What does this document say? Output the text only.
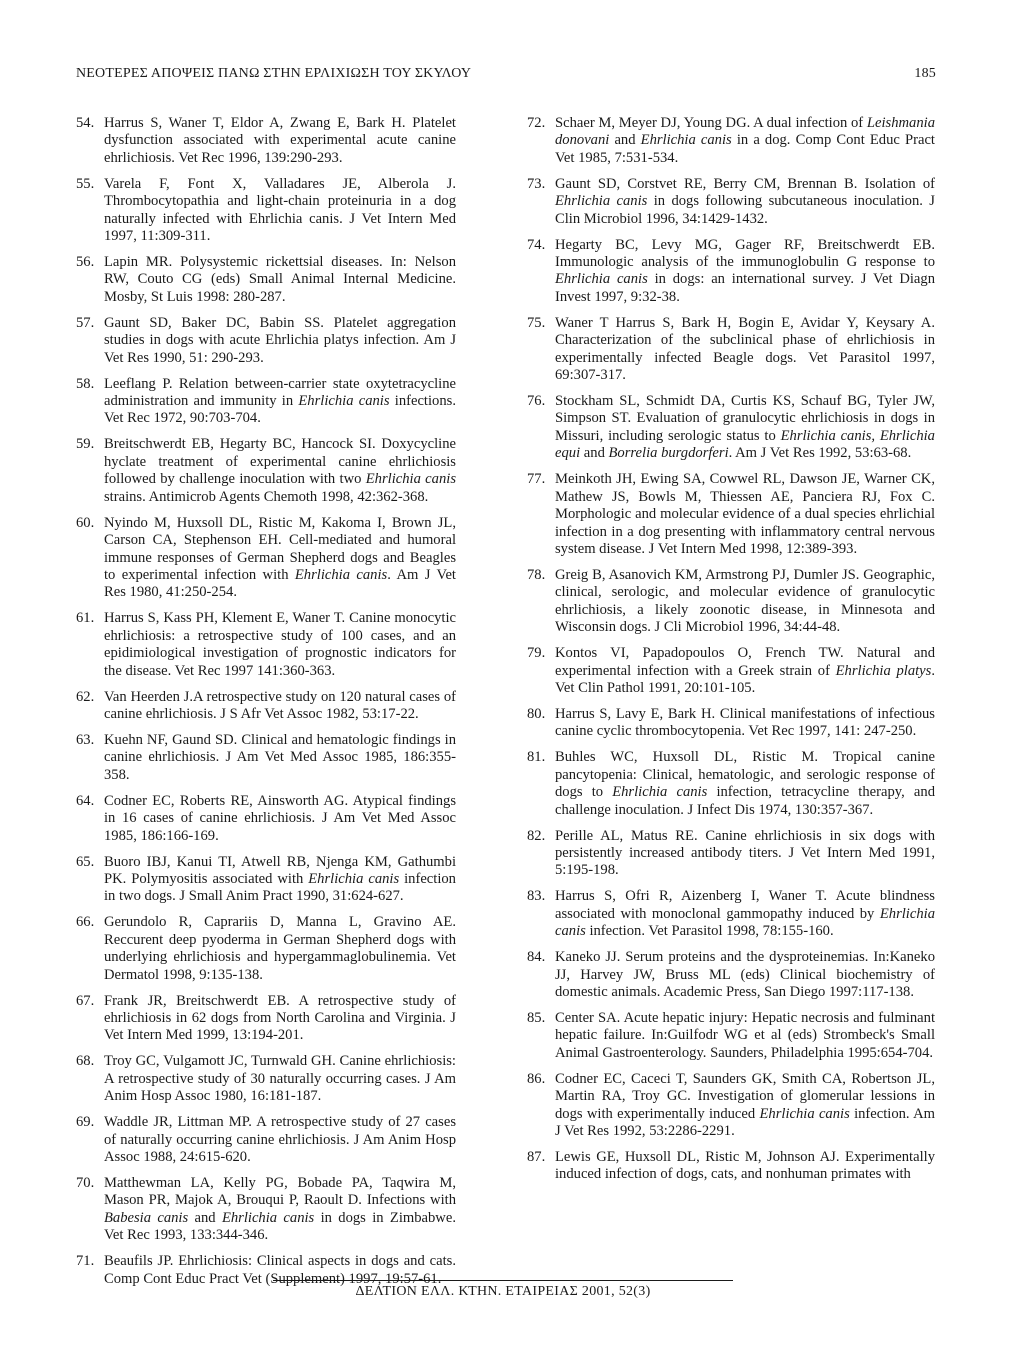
ΝΕΟΤΕΡΕΣ ΑΠΟΨΕΙΣ ΠΑΝΩ ΣΤΗΝ ΕΡΛΙΧΙΩΣΗ ΤΟΥ ΣΚΥΛΟΥ	185
54. Harrus S, Waner T, Eldor A, Zwang E, Bark H. Platelet dysfunction associated with experimental acute canine ehrlichiosis. Vet Rec 1996, 139:290-293.
55. Varela F, Font X, Valladares JE, Alberola J. Thrombocytopathia and light-chain proteinuria in a dog naturally infected with Ehrlichia canis. J Vet Intern Med 1997, 11:309-311.
56. Lapin MR. Polysystemic rickettsial diseases. In: Nelson RW, Couto CG (eds) Small Animal Internal Medicine. Mosby, St Luis 1998: 280-287.
57. Gaunt SD, Baker DC, Babin SS. Platelet aggregation studies in dogs with acute Ehrlichia platys infection. Am J Vet Res 1990, 51: 290-293.
58. Leeflang P. Relation between-carrier state oxytetracycline administration and immunity in Ehrlichia canis infections. Vet Rec 1972, 90:703-704.
59. Breitschwerdt EB, Hegarty BC, Hancock SI. Doxycycline hyclate treatment of experimental canine ehrlichiosis followed by challenge inoculation with two Ehrlichia canis strains. Antimicrob Agents Chemoth 1998, 42:362-368.
60. Nyindo M, Huxsoll DL, Ristic M, Kakoma I, Brown JL, Carson CA, Stephenson EH. Cell-mediated and humoral immune responses of German Shepherd dogs and Beagles to experimental infection with Ehrlichia canis. Am J Vet Res 1980, 41:250-254.
61. Harrus S, Kass PH, Klement E, Waner T. Canine monocytic ehrlichiosis: a retrospective study of 100 cases, and an epidimiological investigation of prognostic indicators for the disease. Vet Rec 1997 141:360-363.
62. Van Heerden J.A retrospective study on 120 natural cases of canine ehrlichiosis. J S Afr Vet Assoc 1982, 53:17-22.
63. Kuehn NF, Gaund SD. Clinical and hematologic findings in canine ehrlichiosis. J Am Vet Med Assoc 1985, 186:355-358.
64. Codner EC, Roberts RE, Ainsworth AG. Atypical findings in 16 cases of canine ehrlichiosis. J Am Vet Med Assoc 1985, 186:166-169.
65. Buoro IBJ, Kanui TI, Atwell RB, Njenga KM, Gathumbi PK. Polymyositis associated with Ehrlichia canis infection in two dogs. J Small Anim Pract 1990, 31:624-627.
66. Gerundolo R, Caprariis D, Manna L, Gravino AE. Reccurent deep pyoderma in German Shepherd dogs with underlying ehrlichiosis and hypergammaglobulinemia. Vet Dermatol 1998, 9:135-138.
67. Frank JR, Breitschwerdt EB. A retrospective study of ehrlichiosis in 62 dogs from North Carolina and Virginia. J Vet Intern Med 1999, 13:194-201.
68. Troy GC, Vulgamott JC, Turnwald GH. Canine ehrlichiosis: A retrospective study of 30 naturally occurring cases. J Am Anim Hosp Assoc 1980, 16:181-187.
69. Waddle JR, Littman MP. A retrospective study of 27 cases of naturally occurring canine ehrlichiosis. J Am Anim Hosp Assoc 1988, 24:615-620.
70. Matthewman LA, Kelly PG, Bobade PA, Taqwira M, Mason PR, Majok A, Brouqui P, Raoult D. Infections with Babesia canis and Ehrlichia canis in dogs in Zimbabwe. Vet Rec 1993, 133:344-346.
71. Beaufils JP. Ehrlichiosis: Clinical aspects in dogs and cats. Comp Cont Educ Pract Vet (Supplement) 1997, 19:57-61.
72. Schaer M, Meyer DJ, Young DG. A dual infection of Leishmania donovani and Ehrlichia canis in a dog. Comp Cont Educ Pract Vet 1985, 7:531-534.
73. Gaunt SD, Corstvet RE, Berry CM, Brennan B. Isolation of Ehrlichia canis in dogs following subcutaneous inoculation. J Clin Microbiol 1996, 34:1429-1432.
74. Hegarty BC, Levy MG, Gager RF, Breitschwerdt EB. Immunologic analysis of the immunoglobulin G response to Ehrlichia canis in dogs: an international survey. J Vet Diagn Invest 1997, 9:32-38.
75. Waner T Harrus S, Bark H, Bogin E, Avidar Y, Keysary A. Characterization of the subclinical phase of ehrlichiosis in experimentally infected Beagle dogs. Vet Parasitol 1997, 69:307-317.
76. Stockham SL, Schmidt DA, Curtis KS, Schauf BG, Tyler JW, Simpson ST. Evaluation of granulocytic ehrlichiosis in dogs in Missuri, including serologic status to Ehrlichia canis, Ehrlichia equi and Borrelia burgdorferi. Am J Vet Res 1992, 53:63-68.
77. Meinkoth JH, Ewing SA, Cowwel RL, Dawson JE, Warner CK, Mathew JS, Bowls M, Thiessen AE, Panciera RJ, Fox C. Morphologic and molecular evidence of a dual species ehrlichial infection in a dog presenting with inflammatory central nervous system disease. J Vet Intern Med 1998, 12:389-393.
78. Greig B, Asanovich KM, Armstrong PJ, Dumler JS. Geographic, clinical, serologic, and molecular evidence of granulocytic ehrlichiosis, a likely zoonotic disease, in Minnesota and Wisconsin dogs. J Cli Microbiol 1996, 34:44-48.
79. Kontos VI, Papadopoulos O, French TW. Natural and experimental infection with a Greek strain of Ehrlichia platys. Vet Clin Pathol 1991, 20:101-105.
80. Harrus S, Lavy E, Bark H. Clinical manifestations of infectious canine cyclic thrombocytopenia. Vet Rec 1997, 141: 247-250.
81. Buhles WC, Huxsoll DL, Ristic M. Tropical canine pancytopenia: Clinical, hematologic, and serologic response of dogs to Ehrlichia canis infection, tetracycline therapy, and challenge inoculation. J Infect Dis 1974, 130:357-367.
82. Perille AL, Matus RE. Canine ehrlichiosis in six dogs with persistently increased antibody titers. J Vet Intern Med 1991, 5:195-198.
83. Harrus S, Ofri R, Aizenberg I, Waner T. Acute blindness associated with monoclonal gammopathy induced by Ehrlichia canis infection. Vet Parasitol 1998, 78:155-160.
84. Kaneko JJ. Serum proteins and the dysproteinemias. In:Kaneko JJ, Harvey JW, Bruss ML (eds) Clinical biochemistry of domestic animals. Academic Press, San Diego 1997:117-138.
85. Center SA. Acute hepatic injury: Hepatic necrosis and fulminant hepatic failure. In:Guilfodr WG et al (eds) Strombeck's Small Animal Gastroenterology. Saunders, Philadelphia 1995:654-704.
86. Codner EC, Caceci T, Saunders GK, Smith CA, Robertson JL, Martin RA, Troy GC. Investigation of glomerular lessions in dogs with experimentally induced Ehrlichia canis infection. Am J Vet Res 1992, 53:2286-2291.
87. Lewis GE, Huxsoll DL, Ristic M, Johnson AJ. Experimentally induced infection of dogs, cats, and nonhuman primates with
ΔΕΛΤΙΟΝ ΕΛΛ. ΚΤΗΝ. ΕΤΑΙΡΕΙΑΣ 2001, 52(3)
